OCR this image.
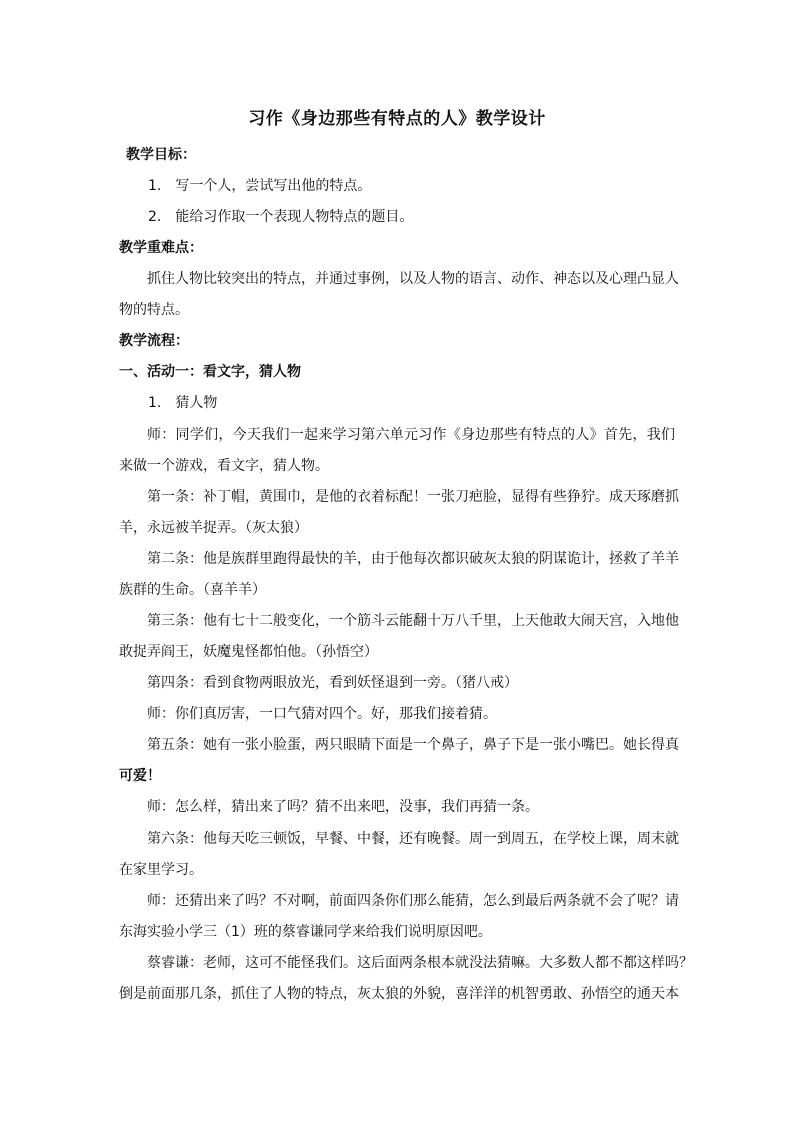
习作《身边那些有特点的人》教学设计
教学目标：
1.　写一个人，尝试写出他的特点。
2.　能给习作取一个表现人物特点的题目。
教学重难点：
抓住人物比较突出的特点，并通过事例，以及人物的语言、动作、神态以及心理凸显人
物的特点。
教学流程：
一、活动一：看文字，猜人物
1.　猜人物
师：同学们，今天我们一起来学习第六单元习作《身边那些有特点的人》首先，我们
来做一个游戏，看文字，猜人物。
第一条：补丁帽，黄围巾，是他的衣着标配！一张刀疤脸，显得有些狰狞。成天琢磨抓
羊，永远被羊捉弄。（灰太狼）
第二条：他是族群里跑得最快的羊，由于他每次都识破灰太狼的阴谋诡计，拯救了羊羊
族群的生命。（喜羊羊）
第三条：他有七十二般变化，一个筋斗云能翻十万八千里，上天他敢大闹天宫，入地他
敢捉弄阎王，妖魔鬼怪都怕他。（孙悟空）
第四条：看到食物两眼放光，看到妖怪退到一旁。（猪八戒）
师：你们真厉害，一口气猜对四个。好，那我们接着猜。
第五条：她有一张小脸蛋，两只眼睛下面是一个鼻子，鼻子下是一张小嘴巴。她长得真
可爱！
师：怎么样，猜出来了吗？猜不出来吧，没事，我们再猜一条。
第六条：他每天吃三顿饭，早餐、中餐，还有晚餐。周一到周五，在学校上课，周末就
在家里学习。
师：还猜出来了吗？不对啊，前面四条你们那么能猜，怎么到最后两条就不会了呢？请
东海实验小学三（1）班的蔡睿谦同学来给我们说明原因吧。
蔡睿谦：老师，这可不能怪我们。这后面两条根本就没法猜嘛。大多数人都不都这样吗？
倒是前面那几条，抓住了人物的特点，灰太狼的外貌，喜洋洋的机智勇敢、孙悟空的通天本
